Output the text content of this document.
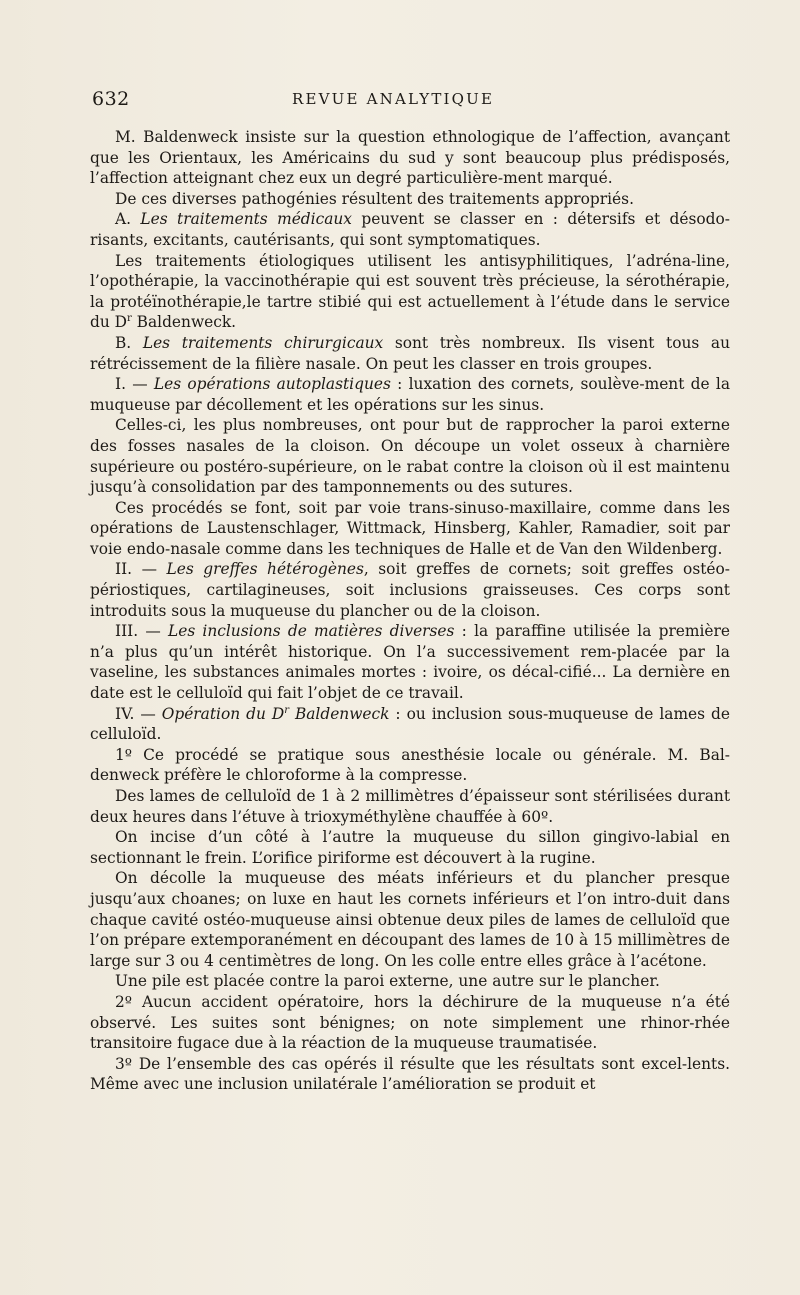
632	REVUE ANALYTIQUE

M. Baldenweck insiste sur la question ethnologique de l’affection, avançant que les Orientaux, les Américains du sud y sont beaucoup plus prédisposés, l’affection atteignant chez eux un degré particulière-ment marqué.

De ces diverses pathogénies résultent des traitements appropriés.

A. Les traitements médicaux peuvent se classer en : détersifs et désodo-risants, excitants, cautérisants, qui sont symptomatiques.

Les traitements étiologiques utilisent les antisyphilitiques, l’adréna-line, l’opothérapie, la vaccinothérapie qui est souvent très précieuse, la sérothérapie, la protéïnothérapie,le tartre stibié qui est actuellement à l’étude dans le service du $D^r$ Baldenweck.

B. Les traitements chirurgicaux sont très nombreux. Ils visent tous au rétrécissement de la filière nasale. On peut les classer en trois groupes.

I. — Les opérations autoplastiques : luxation des cornets, soulève-ment de la muqueuse par décollement et les opérations sur les sinus.

Celles-ci, les plus nombreuses, ont pour but de rapprocher la paroi externe des fosses nasales de la cloison. On découpe un volet osseux à charnière supérieure ou postéro-supérieure, on le rabat contre la cloison où il est maintenu jusqu’à consolidation par des tamponnements ou des sutures.

Ces procédés se font, soit par voie trans-sinuso-maxillaire, comme dans les opérations de Laustenschlager, Wittmack, Hinsberg, Kahler, Ramadier, soit par voie endo-nasale comme dans les techniques de Halle et de Van den Wildenberg.

II. — Les greffes hétérogènes, soit greffes de cornets; soit greffes ostéo-périostiques, cartilagineuses, soit inclusions graisseuses. Ces corps sont introduits sous la muqueuse du plancher ou de la cloison.

III. — Les inclusions de matières diverses : la paraffine utilisée la première n’a plus qu’un intérêt historique. On l’a successivement rem-placée par la vaseline, les substances animales mortes : ivoire, os décal-cifié... La dernière en date est le celluloïd qui fait l’objet de ce travail.

IV. — Opération du $D^r$ Baldenweck : ou inclusion sous-muqueuse de lames de celluloïd.

1º Ce procédé se pratique sous anesthésie locale ou générale. M. Bal-denweck préfère le chloroforme à la compresse.

Des lames de celluloïd de 1 à 2 millimètres d’épaisseur sont stérilisées durant deux heures dans l’étuve à trioxyméthylène chauffée à 60º.

On incise d’un côté à l’autre la muqueuse du sillon gingivo-labial en sectionnant le frein. L’orifice piriforme est découvert à la rugine.

On décolle la muqueuse des méats inférieurs et du plancher presque jusqu’aux choanes; on luxe en haut les cornets inférieurs et l’on intro-duit dans chaque cavité ostéo-muqueuse ainsi obtenue deux piles de lames de celluloïd que l’on prépare extemporanément en découpant des lames de 10 à 15 millimètres de large sur 3 ou 4 centimètres de long. On les colle entre elles grâce à l’acétone.

Une pile est placée contre la paroi externe, une autre sur le plancher.

2º Aucun accident opératoire, hors la déchirure de la muqueuse n’a été observé. Les suites sont bénignes; on note simplement une rhinor-rhée transitoire fugace due à la réaction de la muqueuse traumatisée.

3º De l’ensemble des cas opérés il résulte que les résultats sont excel-lents. Même avec une inclusion unilatérale l’amélioration se produit et
